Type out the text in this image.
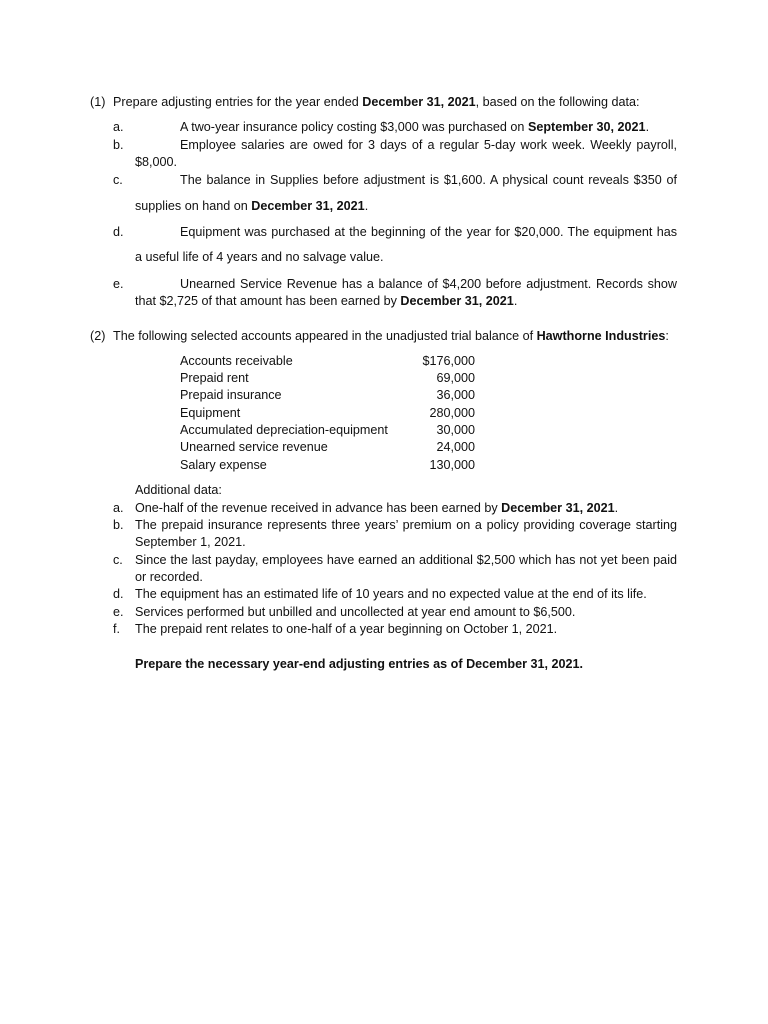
(1) Prepare adjusting entries for the year ended December 31, 2021, based on the following data:
a.	A two-year insurance policy costing $3,000 was purchased on September 30, 2021.
b.	Employee salaries are owed for 3 days of a regular 5-day work week. Weekly payroll,
$8,000.
c.	The balance in Supplies before adjustment is $1,600. A physical count reveals $350 of
supplies on hand on December 31, 2021.
d.	Equipment was purchased at the beginning of the year for $20,000. The equipment has
a useful life of 4 years and no salvage value.
e.	Unearned Service Revenue has a balance of $4,200 before adjustment. Records show
that $2,725 of that amount has been earned by December 31, 2021.
(2) The following selected accounts appeared in the unadjusted trial balance of Hawthorne Industries:
Accounts receivable	$176,000
Prepaid rent	69,000
Prepaid insurance	36,000
Equipment	280,000
Accumulated depreciation-equipment	30,000
Unearned service revenue	24,000
Salary expense	130,000
Additional data:
a. One-half of the revenue received in advance has been earned by December 31, 2021.
b. The prepaid insurance represents three years’ premium on a policy providing coverage starting
September 1, 2021.
c. Since the last payday, employees have earned an additional $2,500 which has not yet been paid
or recorded.
d. The equipment has an estimated life of 10 years and no expected value at the end of its life.
e. Services performed but unbilled and uncollected at year end amount to $6,500.
f. The prepaid rent relates to one-half of a year beginning on October 1, 2021.
Prepare the necessary year-end adjusting entries as of December 31, 2021.
